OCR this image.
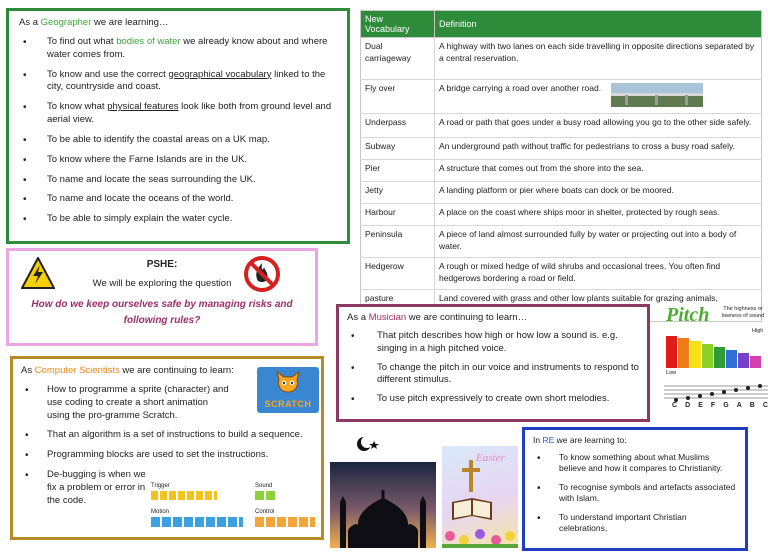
As a Geographer we are learning…
• To find out what bodies of water we already know about and where water comes from.
• To know and use the correct geographical vocabulary linked to the city, countryside and coast.
• To know what physical features look like both from ground level and aerial view.
• To be able to identify the coastal areas on a UK map.
• To know where the Farne Islands are in the UK.
• To name and locate the seas surrounding the UK.
• To name and locate the oceans of the world.
• To be able to simply explain the water cycle.
New Vocabulary	Definition
Dual carriageway	A highway with two lanes on each side travelling in opposite directions separated by a central reservation.
Fly over	A bridge carrying a road over another road.

Underpass	A road or path that goes under a busy road allowing you go to the other side safely.
Subway	An underground path without traffic for pedestrians to cross a busy road safely.
Pier	A structure that comes out from the shore into the sea.
Jetty	A landing platform or pier where boats can dock or be moored.
Harbour	A place on the coast where ships moor in shelter, protected by rough seas.
Peninsula	A piece of land almost surrounded fully by water or projecting out into a body of water.
Hedgerow	A rough or mixed hedge of wild shrubs and occasional trees. You often find hedgerows bordering a road or field.
pasture	Land covered with grass and other low plants suitable for grazing animals,
PSHE:
We will be exploring the question
How do we keep ourselves safe by managing risks and following rules?	As a Musician we are continuing to learn…
• That pitch describes how high or how low a sound is. e.g. singing in a high pitched voice.
• To change the pitch in our voice and instruments to respond to different stimulus.
• To use pitch expressively to create own short melodies.
Pitch	The highness or lowness of sound
High
Low
C D E F G A B C
As Computer Scientists we are continuing to learn:
• How to programme a sprite (character) and use coding to create a short animation using the pro-gramme Scratch.
• That an algorithm is a set of instructions to build a sequence.
• Programming blocks are used to set the instructions.
• De-bugging is when we fix a problem or error in the code.
SCRATCH
Trigger	Sound
Motion	Control
Easter
In RE we are learning to:
• To know something about what Muslims believe and how it compares to Christianity.
• To recognise symbols and artefacts associated with Islam.
• To understand important Christian celebrations,
